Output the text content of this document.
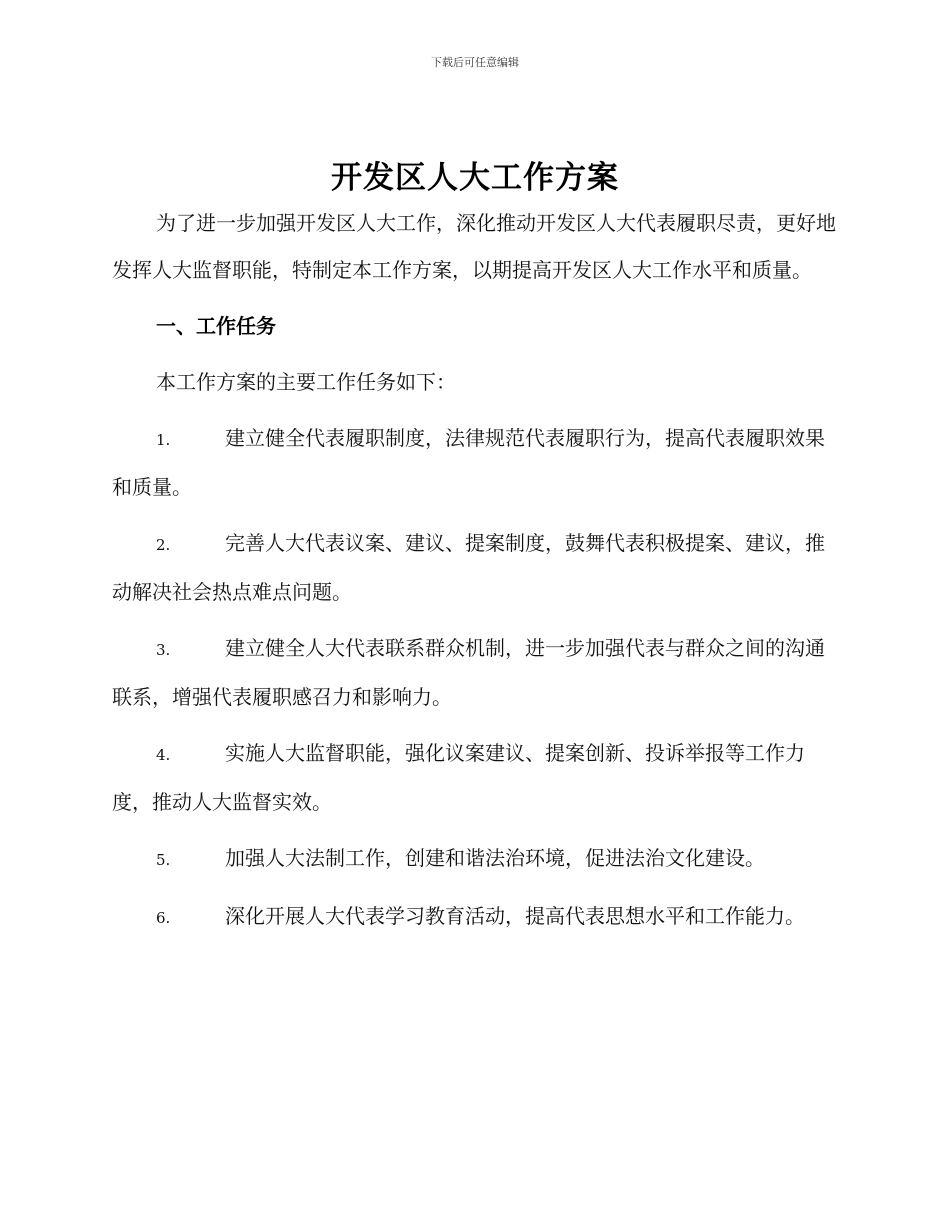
下载后可任意编辑
开发区人大工作方案

为了进一步加强开发区人大工作，深化推动开发区人大代表履职尽责，更好地发挥人大监督职能，特制定本工作方案，以期提高开发区人大工作水平和质量。

一、工作任务

本工作方案的主要工作任务如下：

1.	建立健全代表履职制度，法律规范代表履职行为，提高代表履职效果和质量。

2.	完善人大代表议案、建议、提案制度，鼓舞代表积极提案、建议，推动解决社会热点难点问题。

3.	建立健全人大代表联系群众机制，进一步加强代表与群众之间的沟通联系，增强代表履职感召力和影响力。

4.	实施人大监督职能，强化议案建议、提案创新、投诉举报等工作力度，推动人大监督实效。

5.	加强人大法制工作，创建和谐法治环境，促进法治文化建设。

6.	深化开展人大代表学习教育活动，提高代表思想水平和工作能力。
